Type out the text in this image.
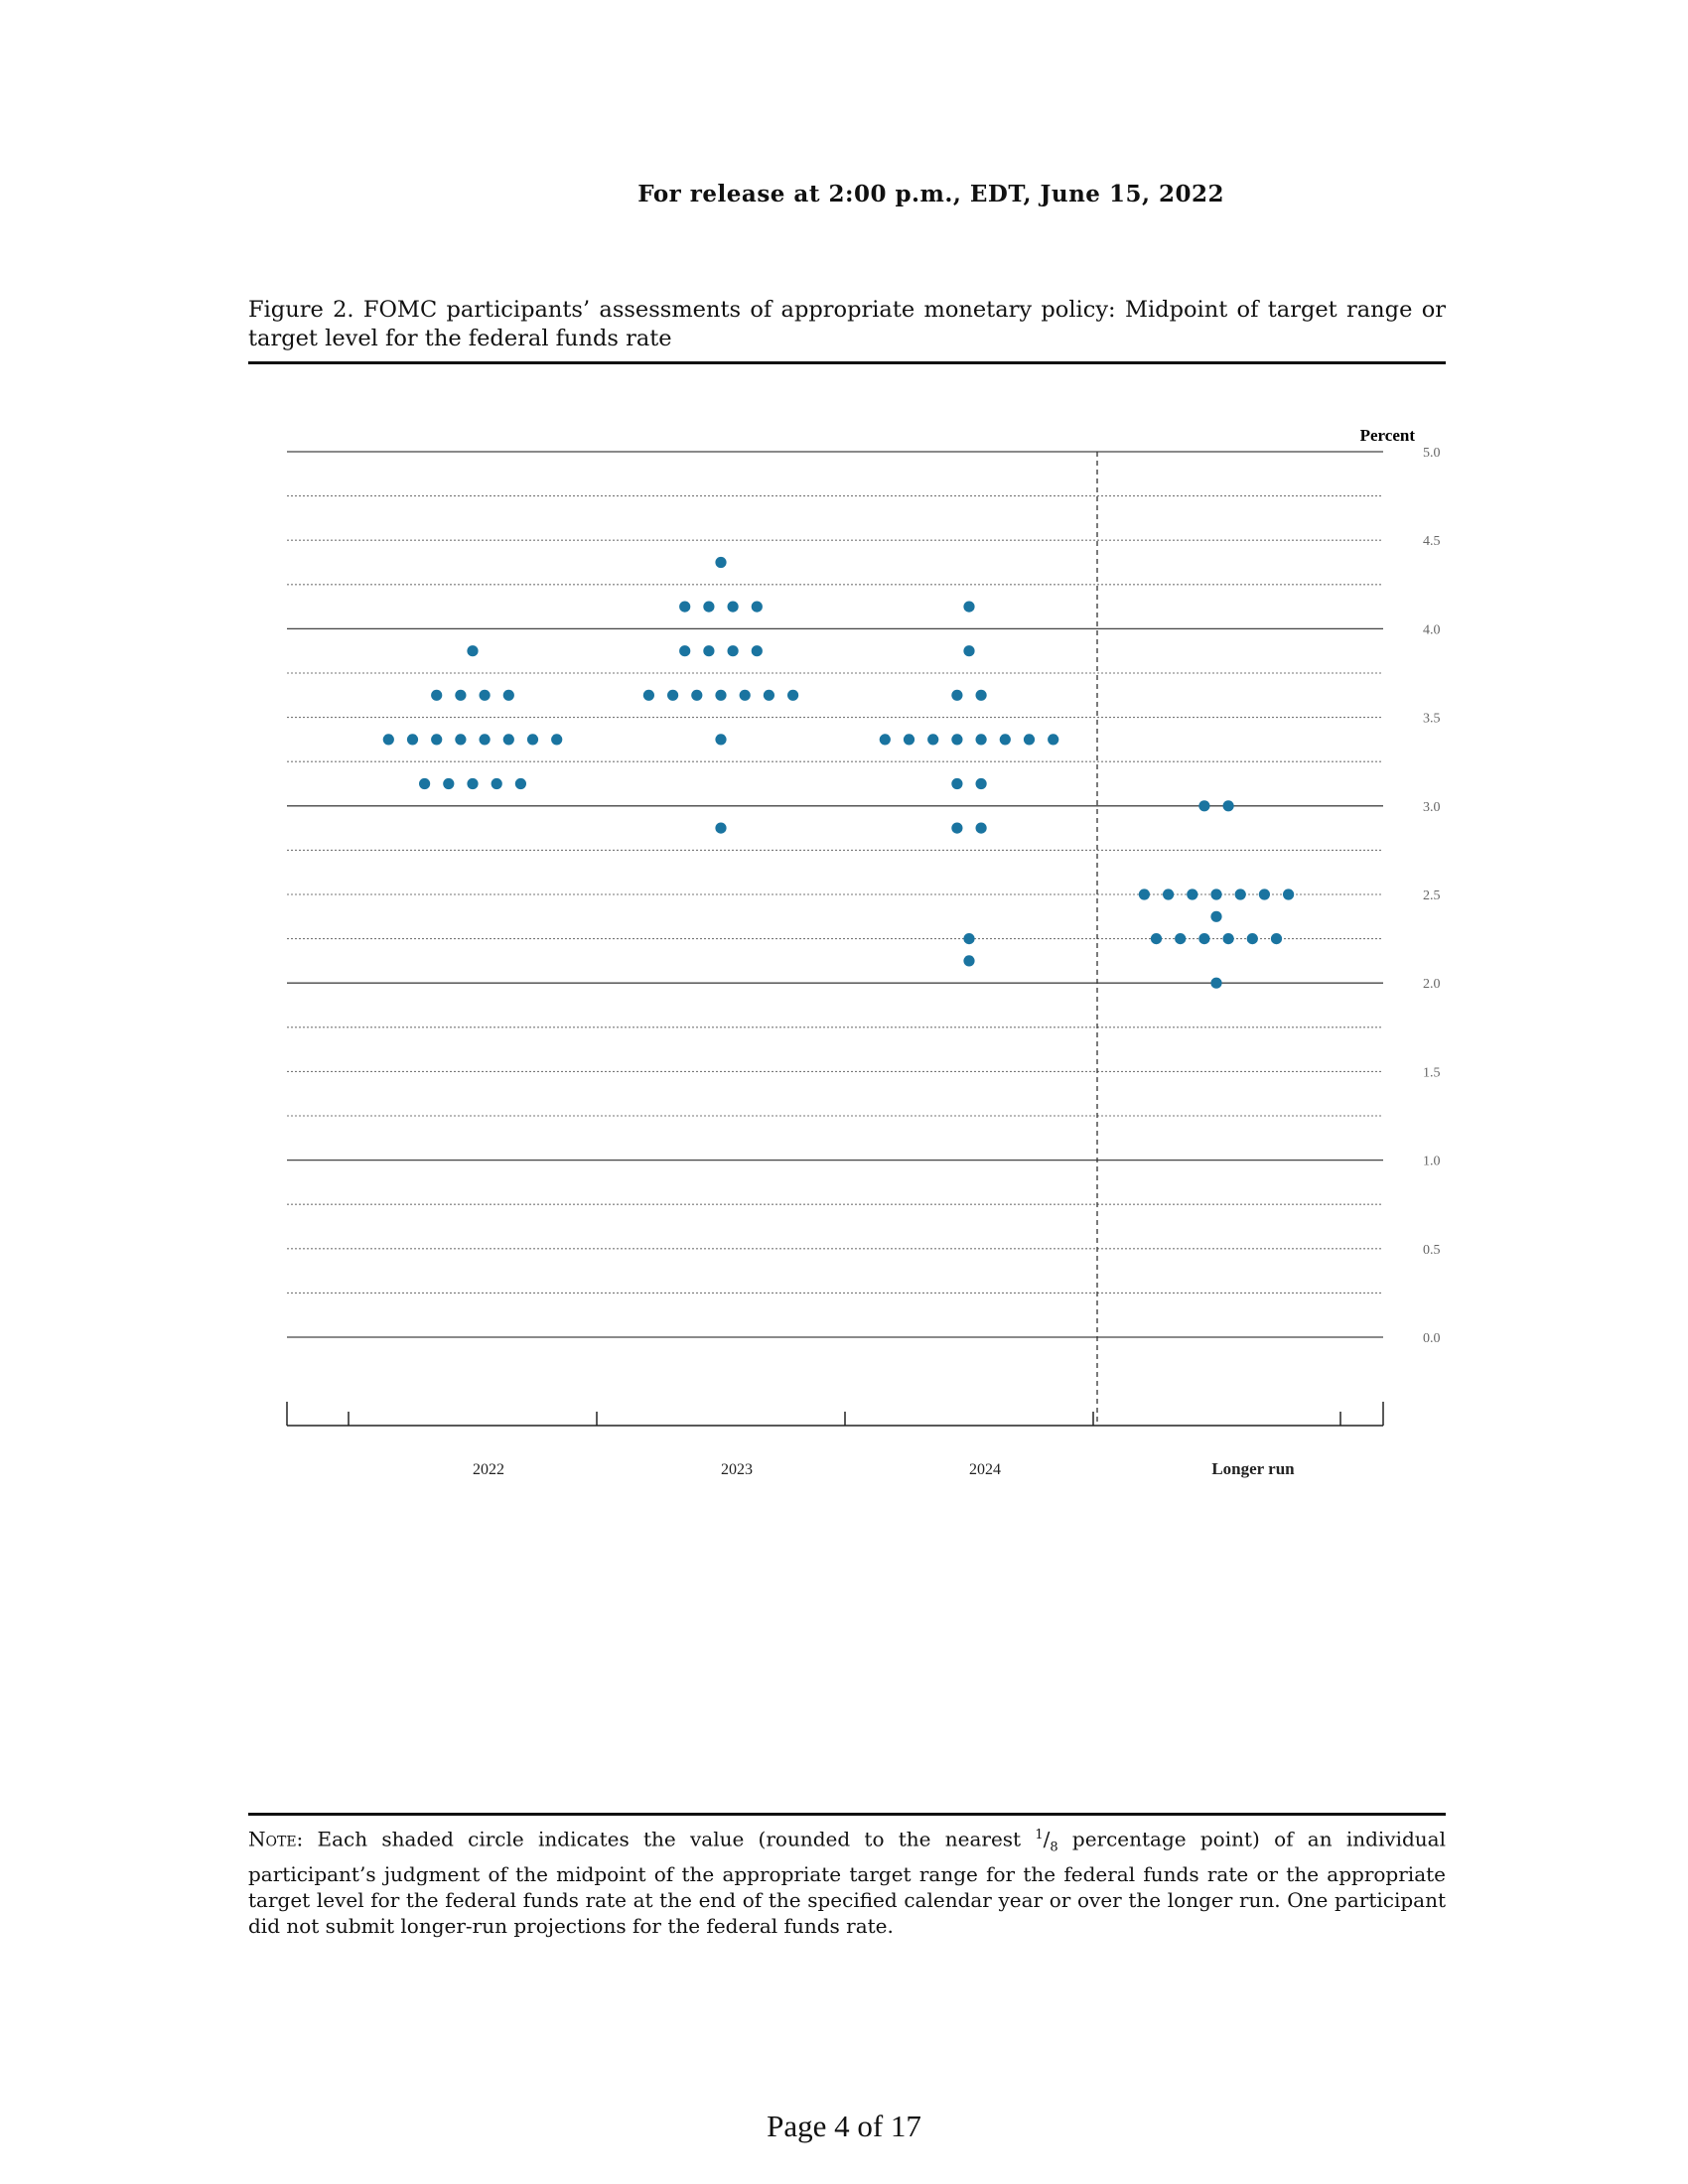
For release at 2:00 p.m., EDT, June 15, 2022
Figure 2. FOMC participants’ assessments of appropriate monetary policy: Midpoint of target range or target level for the federal funds rate
5.0
4.5
4.0
3.5
3.0
2.5
2.0
1.5
1.0
0.5
0.0
2022	2023	2024	Longer run
Percent
Note: Each shaded circle indicates the value (rounded to the nearest $^1/_8$ percentage point) of an individual participant’s judgment of the midpoint of the appropriate target range for the federal funds rate or the appropriate target level for the federal funds rate at the end of the specified calendar year or over the longer run. One participant did not submit longer-run projections for the federal funds rate.
Page 4 of 17
